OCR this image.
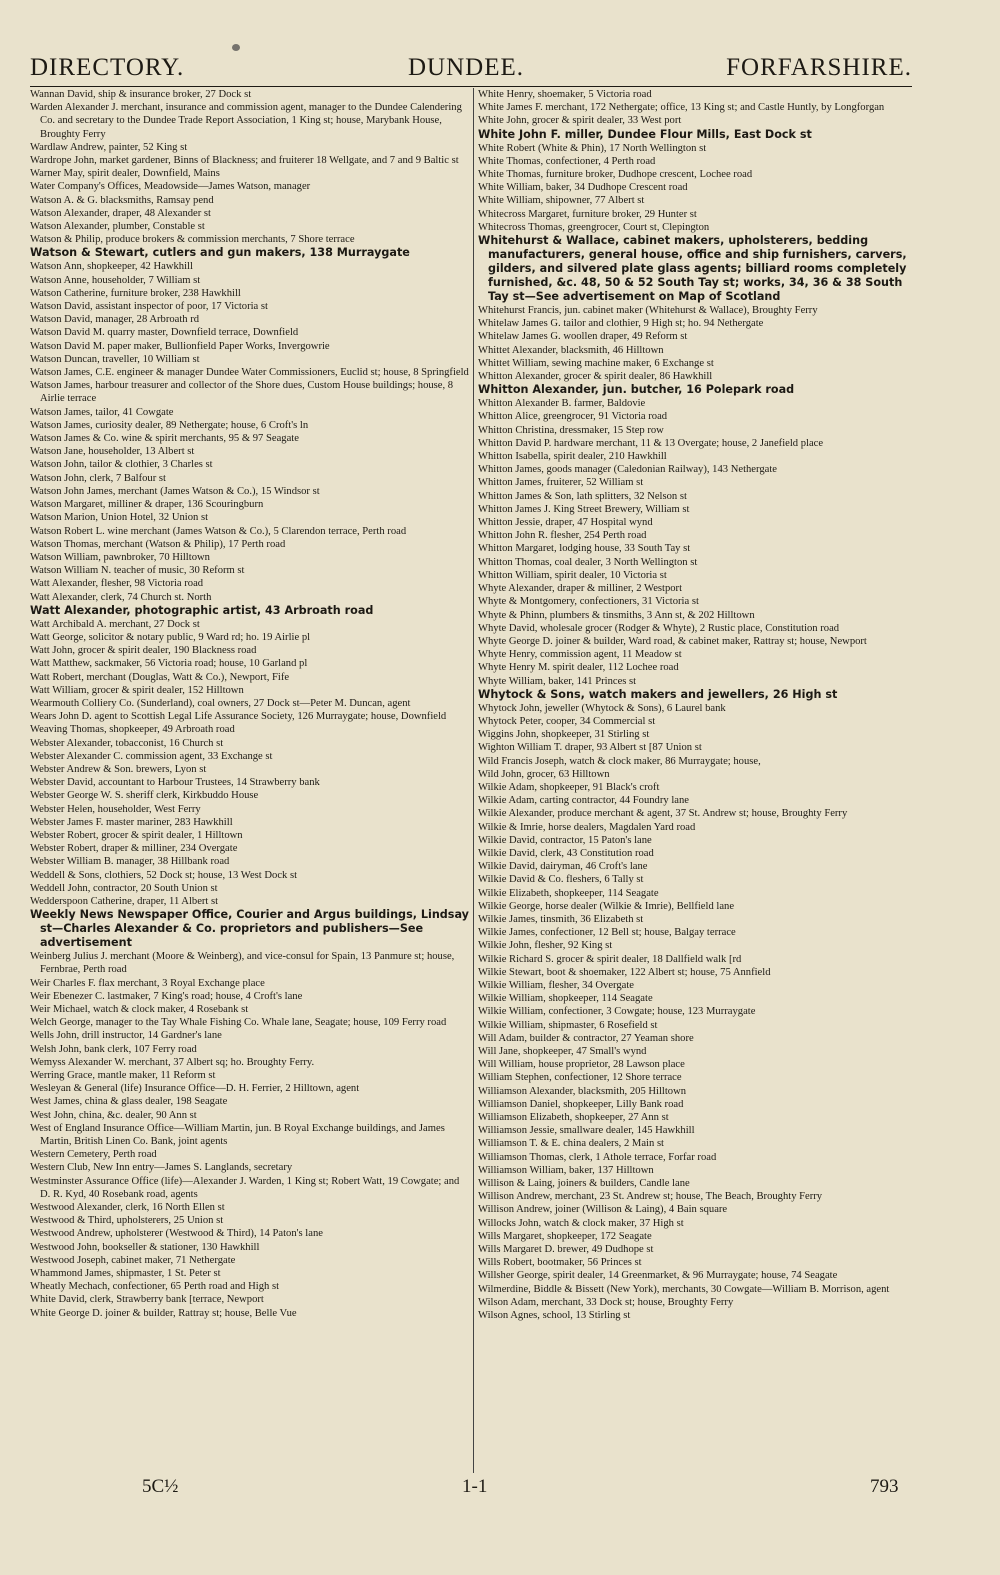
DIRECTORY.	DUNDEE.	FORFARSHIRE.

Wannan David, ship & insurance broker, 27 Dock st

Warden Alexander J. merchant, insurance and commission agent, manager to the Dundee Calendering Co. and secretary to the Dundee Trade Report Association, 1 King st; house, Marybank House, Broughty Ferry

Wardlaw Andrew, painter, 52 King st

Wardrope John, market gardener, Binns of Blackness; and fruiterer 18 Wellgate, and 7 and 9 Baltic st

Warner May, spirit dealer, Downfield, Mains

Water Company's Offices, Meadowside—James Watson, manager

Watson A. & G. blacksmiths, Ramsay pend

Watson Alexander, draper, 48 Alexander st

Watson Alexander, plumber, Constable st

Watson & Philip, produce brokers & commission merchants, 7 Shore terrace

Watson & Stewart, cutlers and gun makers, 138 Murraygate

Watson Ann, shopkeeper, 42 Hawkhill

Watson Anne, householder, 7 William st

Watson Catherine, furniture broker, 238 Hawkhill

Watson David, assistant inspector of poor, 17 Victoria st

Watson David, manager, 28 Arbroath rd

Watson David M. quarry master, Downfield terrace, Downfield

Watson David M. paper maker, Bullionfield Paper Works, Invergowrie

Watson Duncan, traveller, 10 William st

Watson James, C.E. engineer & manager Dundee Water Commissioners, Euclid st; house, 8 Springfield

Watson James, harbour treasurer and collector of the Shore dues, Custom House buildings; house, 8 Airlie terrace

Watson James, tailor, 41 Cowgate

Watson James, curiosity dealer, 89 Nethergate; house, 6 Croft's ln

Watson James & Co. wine & spirit merchants, 95 & 97 Seagate

Watson Jane, householder, 13 Albert st

Watson John, tailor & clothier, 3 Charles st

Watson John, clerk, 7 Balfour st

Watson John James, merchant (James Watson & Co.), 15 Windsor st

Watson Margaret, milliner & draper, 136 Scouringburn

Watson Marion, Union Hotel, 32 Union st

Watson Robert L. wine merchant (James Watson & Co.), 5 Clarendon terrace, Perth road

Watson Thomas, merchant (Watson & Philip), 17 Perth road

Watson William, pawnbroker, 70 Hilltown

Watson William N. teacher of music, 30 Reform st

Watt Alexander, flesher, 98 Victoria road

Watt Alexander, clerk, 74 Church st. North

Watt Alexander, photographic artist, 43 Arbroath road

Watt Archibald A. merchant, 27 Dock st

Watt George, solicitor & notary public, 9 Ward rd; ho. 19 Airlie pl

Watt John, grocer & spirit dealer, 190 Blackness road

Watt Matthew, sackmaker, 56 Victoria road; house, 10 Garland pl

Watt Robert, merchant (Douglas, Watt & Co.), Newport, Fife

Watt William, grocer & spirit dealer, 152 Hilltown

Wearmouth Colliery Co. (Sunderland), coal owners, 27 Dock st—Peter M. Duncan, agent

Wears John D. agent to Scottish Legal Life Assurance Society, 126 Murraygate; house, Downfield

Weaving Thomas, shopkeeper, 49 Arbroath road

Webster Alexander, tobacconist, 16 Church st

Webster Alexander C. commission agent, 33 Exchange st

Webster Andrew & Son. brewers, Lyon st

Webster David, accountant to Harbour Trustees, 14 Strawberry bank

Webster George W. S. sheriff clerk, Kirkbuddo House

Webster Helen, householder, West Ferry

Webster James F. master mariner, 283 Hawkhill

Webster Robert, grocer & spirit dealer, 1 Hilltown

Webster Robert, draper & milliner, 234 Overgate

Webster William B. manager, 38 Hillbank road

Weddell & Sons, clothiers, 52 Dock st; house, 13 West Dock st

Weddell John, contractor, 20 South Union st

Wedderspoon Catherine, draper, 11 Albert st

Weekly News Newspaper Office, Courier and Argus buildings, Lindsay st—Charles Alexander & Co. proprietors and publishers—See advertisement

Weinberg Julius J. merchant (Moore & Weinberg), and vice-consul for Spain, 13 Panmure st; house, Fernbrae, Perth road

Weir Charles F. flax merchant, 3 Royal Exchange place

Weir Ebenezer C. lastmaker, 7 King's road; house, 4 Croft's lane

Weir Michael, watch & clock maker, 4 Rosebank st

Welch George, manager to the Tay Whale Fishing Co. Whale lane, Seagate; house, 109 Ferry road

Wells John, drill instructor, 14 Gardner's lane

Welsh John, bank clerk, 107 Ferry road

Wemyss Alexander W. merchant, 37 Albert sq; ho. Broughty Ferry.

Werring Grace, mantle maker, 11 Reform st

Wesleyan & General (life) Insurance Office—D. H. Ferrier, 2 Hilltown, agent

West James, china & glass dealer, 198 Seagate

West John, china, &c. dealer, 90 Ann st

West of England Insurance Office—William Martin, jun. B Royal Exchange buildings, and James Martin, British Linen Co. Bank, joint agents

Western Cemetery, Perth road

Western Club, New Inn entry—James S. Langlands, secretary

Westminster Assurance Office (life)—Alexander J. Warden, 1 King st; Robert Watt, 19 Cowgate; and D. R. Kyd, 40 Rosebank road, agents

Westwood Alexander, clerk, 16 North Ellen st

Westwood & Third, upholsterers, 25 Union st

Westwood Andrew, upholsterer (Westwood & Third), 14 Paton's lane

Westwood John, bookseller & stationer, 130 Hawkhill

Westwood Joseph, cabinet maker, 71 Nethergate

Whammond James, shipmaster, 1 St. Peter st

Wheatly Mechach, confectioner, 65 Perth road and High st

White David, clerk, Strawberry bank [terrace, Newport

White George D. joiner & builder, Rattray st; house, Belle Vue

White Henry, shoemaker, 5 Victoria road

White James F. merchant, 172 Nethergate; office, 13 King st; and Castle Huntly, by Longforgan

White John, grocer & spirit dealer, 33 West port

White John F. miller, Dundee Flour Mills, East Dock st

White Robert (White & Phin), 17 North Wellington st

White Thomas, confectioner, 4 Perth road

White Thomas, furniture broker, Dudhope crescent, Lochee road

White William, baker, 34 Dudhope Crescent road

White William, shipowner, 77 Albert st

Whitecross Margaret, furniture broker, 29 Hunter st

Whitecross Thomas, greengrocer, Court st, Clepington

Whitehurst & Wallace, cabinet makers, upholsterers, bedding manufacturers, general house, office and ship furnishers, carvers, gilders, and silvered plate glass agents; billiard rooms completely furnished, &c. 48, 50 & 52 South Tay st; works, 34, 36 & 38 South Tay st—See advertisement on Map of Scotland

Whitehurst Francis, jun. cabinet maker (Whitehurst & Wallace), Broughty Ferry

Whitelaw James G. tailor and clothier, 9 High st; ho. 94 Nethergate

Whitelaw James G. woollen draper, 49 Reform st

Whittet Alexander, blacksmith, 46 Hilltown

Whittet William, sewing machine maker, 6 Exchange st

Whitton Alexander, grocer & spirit dealer, 86 Hawkhill

Whitton Alexander, jun. butcher, 16 Polepark road

Whitton Alexander B. farmer, Baldovie

Whitton Alice, greengrocer, 91 Victoria road

Whitton Christina, dressmaker, 15 Step row

Whitton David P. hardware merchant, 11 & 13 Overgate; house, 2 Janefield place

Whitton Isabella, spirit dealer, 210 Hawkhill

Whitton James, goods manager (Caledonian Railway), 143 Nethergate

Whitton James, fruiterer, 52 William st

Whitton James & Son, lath splitters, 32 Nelson st

Whitton James J. King Street Brewery, William st

Whitton Jessie, draper, 47 Hospital wynd

Whitton John R. flesher, 254 Perth road

Whitton Margaret, lodging house, 33 South Tay st

Whitton Thomas, coal dealer, 3 North Wellington st

Whitton William, spirit dealer, 10 Victoria st

Whyte Alexander, draper & milliner, 2 Westport

Whyte & Montgomery, confectioners, 31 Victoria st

Whyte & Phinn, plumbers & tinsmiths, 3 Ann st, & 202 Hilltown

Whyte David, wholesale grocer (Rodger & Whyte), 2 Rustic place, Constitution road

Whyte George D. joiner & builder, Ward road, & cabinet maker, Rattray st; house, Newport

Whyte Henry, commission agent, 11 Meadow st

Whyte Henry M. spirit dealer, 112 Lochee road

Whyte William, baker, 141 Princes st

Whytock & Sons, watch makers and jewellers, 26 High st

Whytock John, jeweller (Whytock & Sons), 6 Laurel bank

Whytock Peter, cooper, 34 Commercial st

Wiggins John, shopkeeper, 31 Stirling st

Wighton William T. draper, 93 Albert st [87 Union st

Wild Francis Joseph, watch & clock maker, 86 Murraygate; house,

Wild John, grocer, 63 Hilltown

Wilkie Adam, shopkeeper, 91 Black's croft

Wilkie Adam, carting contractor, 44 Foundry lane

Wilkie Alexander, produce merchant & agent, 37 St. Andrew st; house, Broughty Ferry

Wilkie & Imrie, horse dealers, Magdalen Yard road

Wilkie David, contractor, 15 Paton's lane

Wilkie David, clerk, 43 Constitution road

Wilkie David, dairyman, 46 Croft's lane

Wilkie David & Co. fleshers, 6 Tally st

Wilkie Elizabeth, shopkeeper, 114 Seagate

Wilkie George, horse dealer (Wilkie & Imrie), Bellfield lane

Wilkie James, tinsmith, 36 Elizabeth st

Wilkie James, confectioner, 12 Bell st; house, Balgay terrace

Wilkie John, flesher, 92 King st

Wilkie Richard S. grocer & spirit dealer, 18 Dallfield walk [rd

Wilkie Stewart, boot & shoemaker, 122 Albert st; house, 75 Annfield

Wilkie William, flesher, 34 Overgate

Wilkie William, shopkeeper, 114 Seagate

Wilkie William, confectioner, 3 Cowgate; house, 123 Murraygate

Wilkie William, shipmaster, 6 Rosefield st

Will Adam, builder & contractor, 27 Yeaman shore

Will Jane, shopkeeper, 47 Small's wynd

Will William, house proprietor, 28 Lawson place

William Stephen, confectioner, 12 Shore terrace

Williamson Alexander, blacksmith, 205 Hilltown

Williamson Daniel, shopkeeper, Lilly Bank road

Williamson Elizabeth, shopkeeper, 27 Ann st

Williamson Jessie, smallware dealer, 145 Hawkhill

Williamson T. & E. china dealers, 2 Main st

Williamson Thomas, clerk, 1 Athole terrace, Forfar road

Williamson William, baker, 137 Hilltown

Willison & Laing, joiners & builders, Candle lane

Willison Andrew, merchant, 23 St. Andrew st; house, The Beach, Broughty Ferry

Willison Andrew, joiner (Willison & Laing), 4 Bain square

Willocks John, watch & clock maker, 37 High st

Wills Margaret, shopkeeper, 172 Seagate

Wills Margaret D. brewer, 49 Dudhope st

Wills Robert, bootmaker, 56 Princes st

Willsher George, spirit dealer, 14 Greenmarket, & 96 Murraygate; house, 74 Seagate

Wilmerdine, Biddle & Bissett (New York), merchants, 30 Cowgate—William B. Morrison, agent

Wilson Adam, merchant, 33 Dock st; house, Broughty Ferry

Wilson Agnes, school, 13 Stirling st

5C½	1-1	793
